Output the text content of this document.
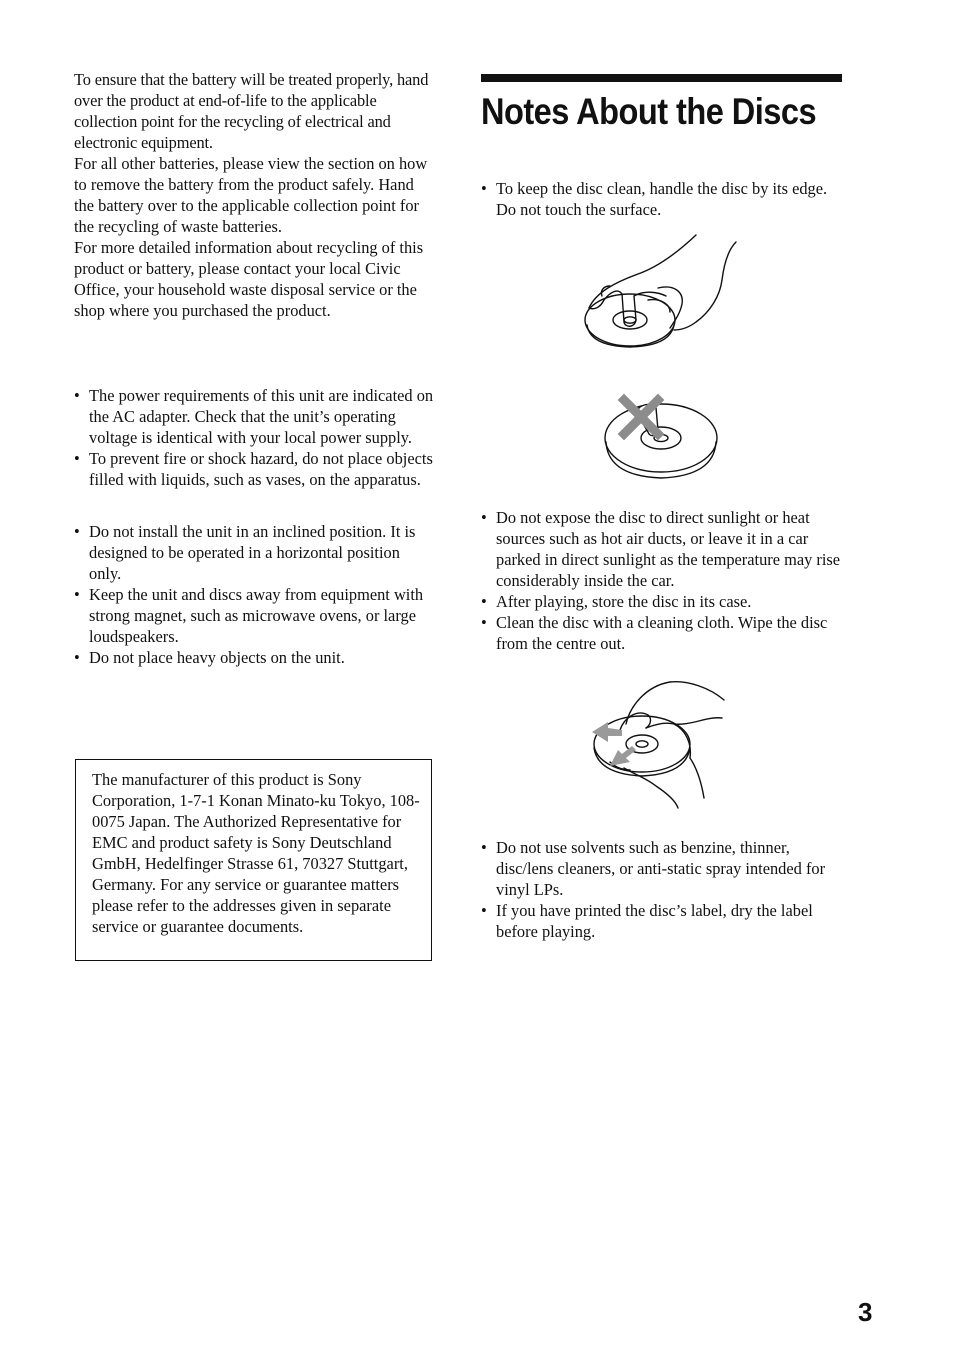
To ensure that the battery will be treated properly, hand over the product at end-of-life to the applicable collection point for the recycling of electrical and electronic equipment.

For all other batteries, please view the section on how to remove the battery from the product safely. Hand the battery over to the applicable collection point for the recycling of waste batteries.

For more detailed information about recycling of this product or battery, please contact your local Civic Office, your household waste disposal service or the shop where you purchased the product.

• The power requirements of this unit are indicated on the AC adapter. Check that the unit’s operating voltage is identical with your local power supply.
• To prevent fire or shock hazard, do not place objects filled with liquids, such as vases, on the apparatus.
• Do not install the unit in an inclined position. It is designed to be operated in a horizontal position only.
• Keep the unit and discs away from equipment with strong magnet, such as microwave ovens, or large loudspeakers.
• Do not place heavy objects on the unit.

The manufacturer of this product is Sony Corporation, 1-7-1 Konan Minato-ku Tokyo, 108-0075 Japan. The Authorized Representative for EMC and product safety is Sony Deutschland GmbH, Hedelfinger Strasse 61, 70327 Stuttgart, Germany. For any service or guarantee matters please refer to the addresses given in separate service or guarantee documents.

Notes About the Discs
• To keep the disc clean, handle the disc by its edge. Do not touch the surface.
• Do not expose the disc to direct sunlight or heat sources such as hot air ducts, or leave it in a car parked in direct sunlight as the temperature may rise considerably inside the car.
• After playing, store the disc in its case.
• Clean the disc with a cleaning cloth. Wipe the disc from the centre out.
• Do not use solvents such as benzine, thinner, disc/lens cleaners, or anti-static spray intended for vinyl LPs.
• If you have printed the disc’s label, dry the label before playing.
3
